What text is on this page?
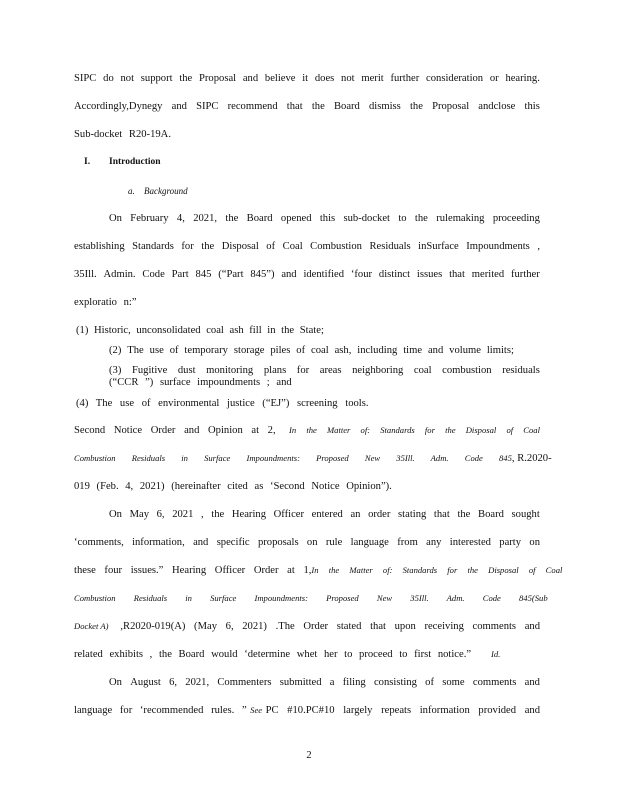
SIPC do not support the Proposal and believe it does not merit further consideration or hearing.
Accordingly,Dynegy and SIPC recommend that the Board dismiss the Proposal andclose this
Sub-docket R20-19A.
I. Introduction
a. Background
On February 4, 2021, the Board opened this sub-docket to the rulemaking proceeding
establishing Standards for the Disposal of Coal Combustion Residuals inSurface Impoundments ,
35Ill. Admin. Code Part 845 (“Part 845”) and identified ‘four distinct issues that merited further
exploratio n:”
(1) Historic, unconsolidated coal ash fill in the State;
(2) The use of temporary storage piles of coal ash, including time and volume limits;
(3) Fugitive dust monitoring plans for areas neighboring coal combustion residuals
(“CCR ”) surface impoundments ; and
(4) The use of environmental justice (“EJ”) screening tools.
Second Notice Order and Opinion at 2, In the Matter of: Standards for the Disposal of Coal
Combustion Residuals in Surface Impoundments: Proposed New 35Ill. Adm. Code 845 , R.2020-
019 (Feb. 4, 2021) (hereinafter cited as ‘Second Notice Opinion”).
On May 6, 2021 , the Hearing Officer entered an order stating that the Board sought
‘comments, information, and specific proposals on rule language from any interested party on
these four issues.” Hearing Officer Order at 1, In the Matter of: Standards for the Disposal of Coal
Combustion Residuals in Surface Impoundments: Proposed New 35Ill. Adm. Code 845(Sub
Docket A) ,R2020-019(A) (May 6, 2021) .The Order stated that upon receiving comments and
related exhibits , the Board would ‘determine whet her to proceed to first notice.”
Id.
On August 6, 2021, Commenters submitted a filing consisting of some comments and
language for ‘recommended rules. ” See PC #10.PC#10 largely repeats information provided and
2
